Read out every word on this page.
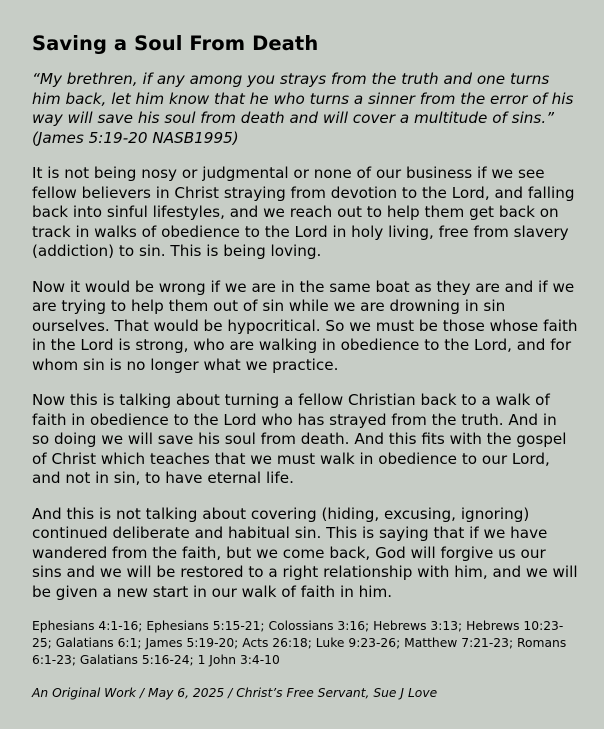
Saving a Soul From Death

“My brethren, if any among you strays from the truth and one turns him back, let him know that he who turns a sinner from the error of his way will save his soul from death and will cover a multitude of sins.” (James 5:19-20 NASB1995)

It is not being nosy or judgmental or none of our business if we see fellow believers in Christ straying from devotion to the Lord, and falling back into sinful lifestyles, and we reach out to help them get back on track in walks of obedience to the Lord in holy living, free from slavery (addiction) to sin. This is being loving.

Now it would be wrong if we are in the same boat as they are and if we are trying to help them out of sin while we are drowning in sin ourselves. That would be hypocritical. So we must be those whose faith in the Lord is strong, who are walking in obedience to the Lord, and for whom sin is no longer what we practice.

Now this is talking about turning a fellow Christian back to a walk of faith in obedience to the Lord who has strayed from the truth. And in so doing we will save his soul from death. And this fits with the gospel of Christ which teaches that we must walk in obedience to our Lord, and not in sin, to have eternal life.

And this is not talking about covering (hiding, excusing, ignoring) continued deliberate and habitual sin. This is saying that if we have wandered from the faith, but we come back, God will forgive us our sins and we will be restored to a right relationship with him, and we will be given a new start in our walk of faith in him.

Ephesians 4:1-16; Ephesians 5:15-21; Colossians 3:16; Hebrews 3:13; Hebrews 10:23-25; Galatians 6:1; James 5:19-20; Acts 26:18; Luke 9:23-26; Matthew 7:21-23; Romans 6:1-23; Galatians 5:16-24; 1 John 3:4-10

An Original Work / May 6, 2025 / Christ’s Free Servant, Sue J Love
